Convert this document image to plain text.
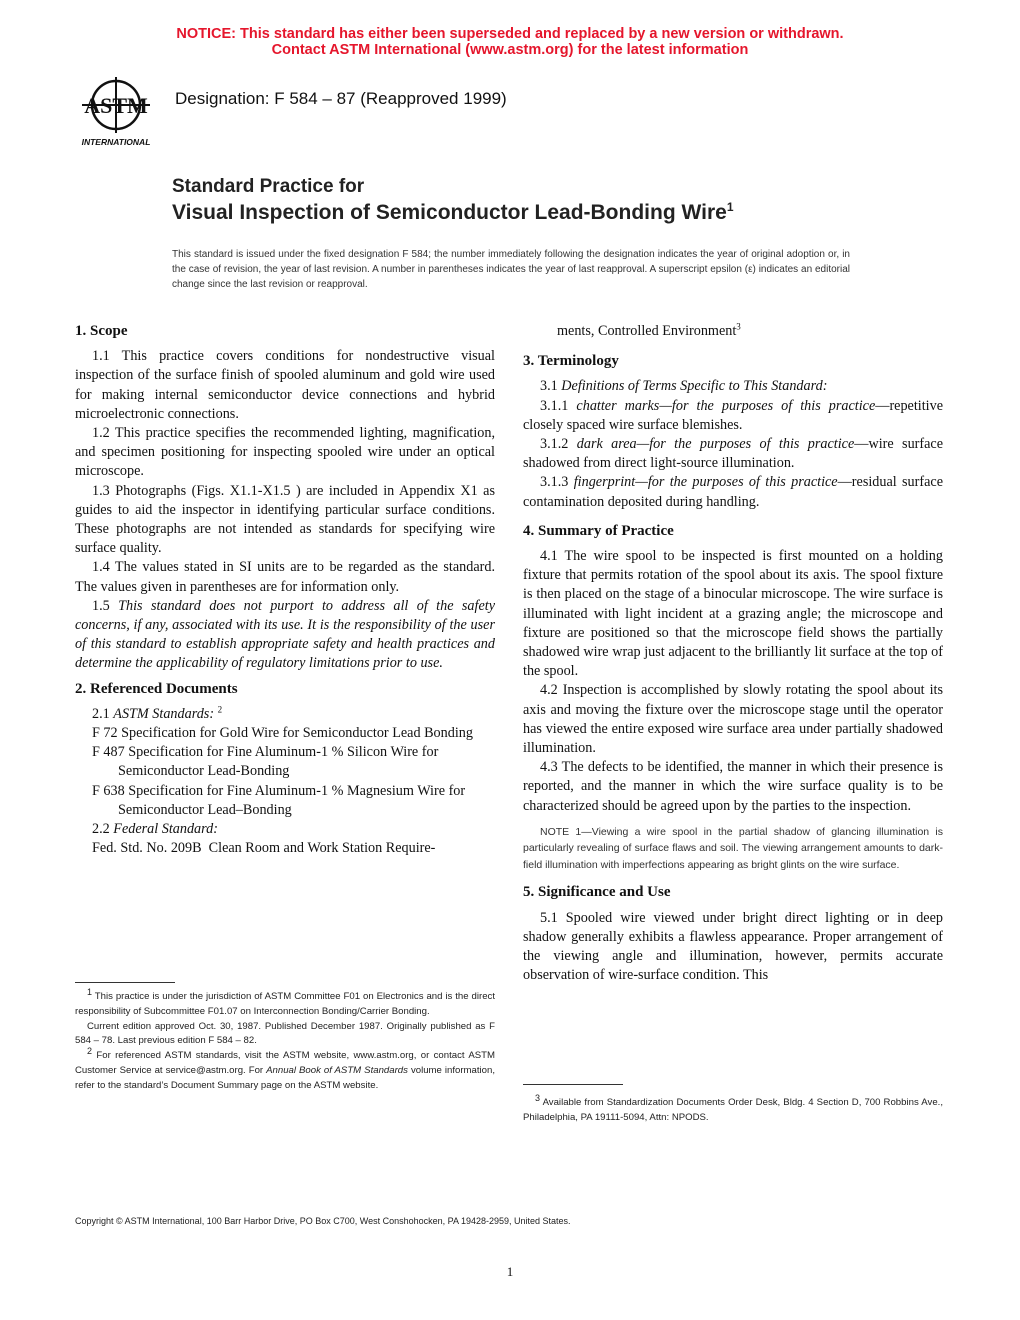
NOTICE: This standard has either been superseded and replaced by a new version or withdrawn.
Contact ASTM International (www.astm.org) for the latest information
ASTM
INTERNATIONAL
Designation: F 584 – 87 (Reapproved 1999)
Standard Practice for
Visual Inspection of Semiconductor Lead-Bonding Wire$^1$
This standard is issued under the fixed designation F 584; the number immediately following the designation indicates the year of original adoption or, in the case of revision, the year of last revision. A number in parentheses indicates the year of last reapproval. A superscript epsilon (ε) indicates an editorial change since the last revision or reapproval.

1. Scope

1.1 This practice covers conditions for nondestructive visual inspection of the surface finish of spooled aluminum and gold wire used for making internal semiconductor device connections and hybrid microelectronic connections.

1.2 This practice specifies the recommended lighting, magnification, and specimen positioning for inspecting spooled wire under an optical microscope.

1.3 Photographs (Figs. X1.1-X1.5 ) are included in Appendix X1 as guides to aid the inspector in identifying particular surface conditions. These photographs are not intended as standards for specifying wire surface quality.

1.4 The values stated in SI units are to be regarded as the standard. The values given in parentheses are for information only.

1.5 This standard does not purport to address all of the safety concerns, if any, associated with its use. It is the responsibility of the user of this standard to establish appropriate safety and health practices and determine the applicability of regulatory limitations prior to use.

2. Referenced Documents

2.1 ASTM Standards: $^2$

F 72 Specification for Gold Wire for Semiconductor Lead Bonding

F 487 Specification for Fine Aluminum-1 % Silicon Wire for Semiconductor Lead-Bonding

F 638 Specification for Fine Aluminum-1 % Magnesium Wire for Semiconductor Lead–Bonding

2.2 Federal Standard:

Fed. Std. No. 209B  Clean Room and Work Station Require-

$^1$ This practice is under the jurisdiction of ASTM Committee F01 on Electronics and is the direct responsibility of Subcommittee F01.07 on Interconnection Bonding/Carrier Bonding.

Current edition approved Oct. 30, 1987. Published December 1987. Originally published as F 584 – 78. Last previous edition F 584 – 82.

$^2$ For referenced ASTM standards, visit the ASTM website, www.astm.org, or contact ASTM Customer Service at service@astm.org. For Annual Book of ASTM Standards volume information, refer to the standard’s Document Summary page on the ASTM website.

ments, Controlled Environment$^3$

3. Terminology

3.1 Definitions of Terms Specific to This Standard:

3.1.1 chatter marks—for the purposes of this practice—repetitive closely spaced wire surface blemishes.

3.1.2 dark area—for the purposes of this practice—wire surface shadowed from direct light-source illumination.

3.1.3 fingerprint—for the purposes of this practice—residual surface contamination deposited during handling.

4. Summary of Practice

4.1 The wire spool to be inspected is first mounted on a holding fixture that permits rotation of the spool about its axis. The spool fixture is then placed on the stage of a binocular microscope. The wire surface is illuminated with light incident at a grazing angle; the microscope and fixture are positioned so that the microscope field shows the partially shadowed wire wrap just adjacent to the brilliantly lit surface at the top of the spool.

4.2 Inspection is accomplished by slowly rotating the spool about its axis and moving the fixture over the microscope stage until the operator has viewed the entire exposed wire surface area under partially shadowed illumination.

4.3 The defects to be identified, the manner in which their presence is reported, and the manner in which the wire surface quality is to be characterized should be agreed upon by the parties to the inspection.

NOTE 1—Viewing a wire spool in the partial shadow of glancing illumination is particularly revealing of surface flaws and soil. The viewing arrangement amounts to dark-field illumination with imperfections appearing as bright glints on the wire surface.

5. Significance and Use

5.1 Spooled wire viewed under bright direct lighting or in deep shadow generally exhibits a flawless appearance. Proper arrangement of the viewing angle and illumination, however, permits accurate observation of wire-surface condition. This

$^3$ Available from Standardization Documents Order Desk, Bldg. 4 Section D, 700 Robbins Ave., Philadelphia, PA 19111-5094, Attn: NPODS.

Copyright © ASTM International, 100 Barr Harbor Drive, PO Box C700, West Conshohocken, PA 19428-2959, United States.
1
